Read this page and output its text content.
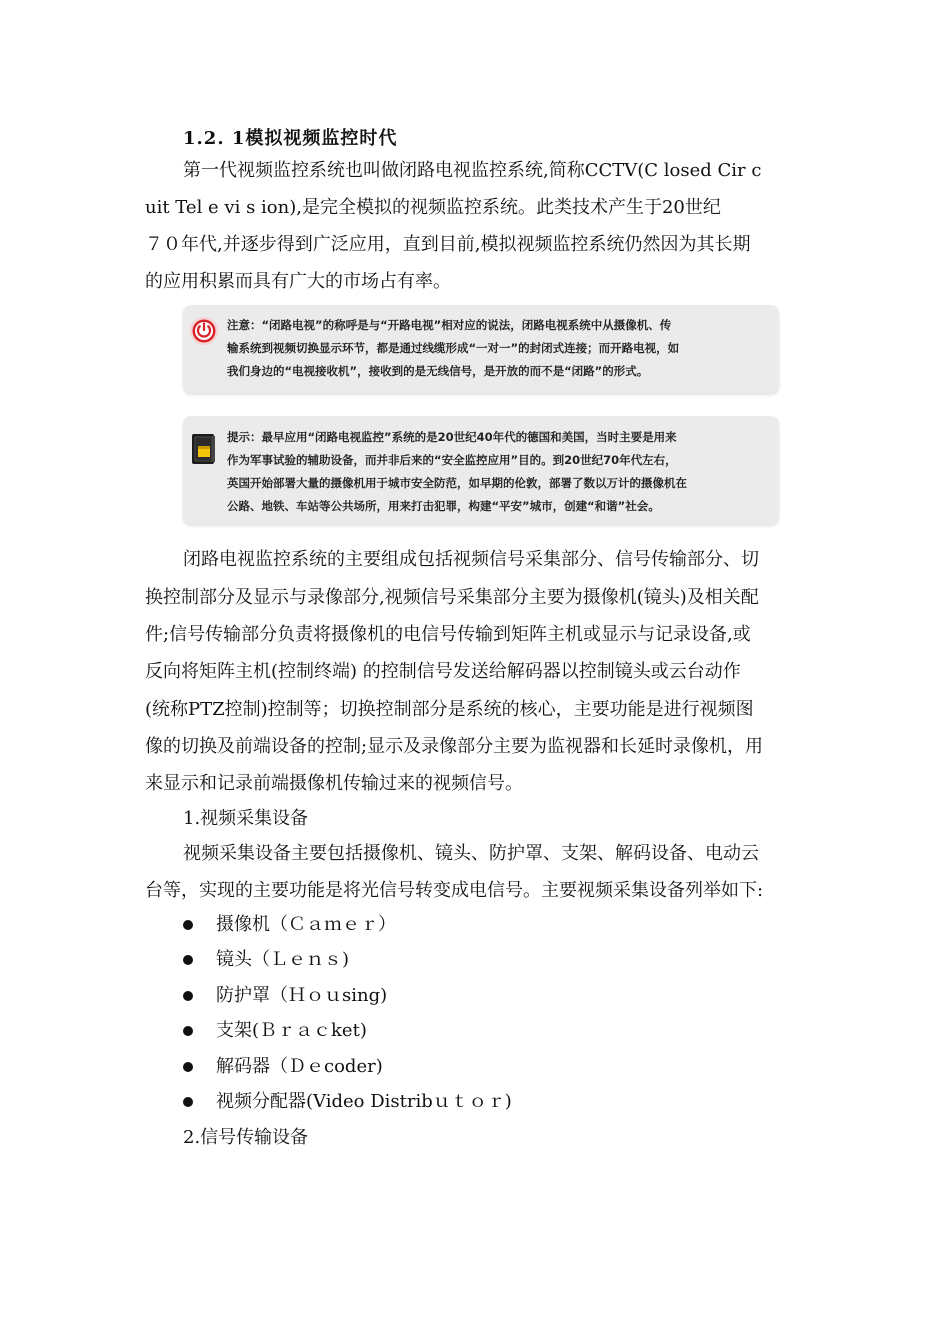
1.2. 1模拟视频监控时代
第一代视频监控系统也叫做闭路电视监控系统,简称CCTV(C losed Cir c
uit Tel e vi s ion),是完全模拟的视频监控系统。此类技术产生于20世纪
７０年代,并逐步得到广泛应用，直到目前,模拟视频监控系统仍然因为其长期
的应用积累而具有广大的市场占有率。
注意：“闭路电视”的称呼是与“开路电视”相对应的说法，闭路电视系统中从摄像机、传
输系统到视频切换显示环节，都是通过线缆形成“一对一”的封闭式连接；而开路电视，如
我们身边的“电视接收机”，接收到的是无线信号，是开放的而不是“闭路”的形式。
提示：最早应用“闭路电视监控”系统的是20世纪40年代的德国和美国，当时主要是用来
作为军事试验的辅助设备，而并非后来的“安全监控应用”目的。到20世纪70年代左右，
英国开始部署大量的摄像机用于城市安全防范，如早期的伦敦，部署了数以万计的摄像机在
公路、地铁、车站等公共场所，用来打击犯罪，构建“平安”城市，创建“和谐”社会。
闭路电视监控系统的主要组成包括视频信号采集部分、信号传输部分、切
换控制部分及显示与录像部分,视频信号采集部分主要为摄像机(镜头)及相关配
件;信号传输部分负责将摄像机的电信号传输到矩阵主机或显示与记录设备,或
反向将矩阵主机(控制终端) 的控制信号发送给解码器以控制镜头或云台动作
(统称PTZ控制)控制等；切换控制部分是系统的核心，主要功能是进行视频图
像的切换及前端设备的控制;显示及录像部分主要为监视器和长延时录像机，用
来显示和记录前端摄像机传输过来的视频信号。
1.视频采集设备
视频采集设备主要包括摄像机、镜头、防护罩、支架、解码设备、电动云
台等，实现的主要功能是将光信号转变成电信号。主要视频采集设备列举如下:
摄像机（Ｃａｍｅｒ）
镜头（Ｌｅｎｓ)
防护罩（Ｈｏｕsing)
支架(Ｂｒａｃket)
解码器（Ｄｅcoder)
视频分配器(Video Distribｕｔｏｒ)
2.信号传输设备
